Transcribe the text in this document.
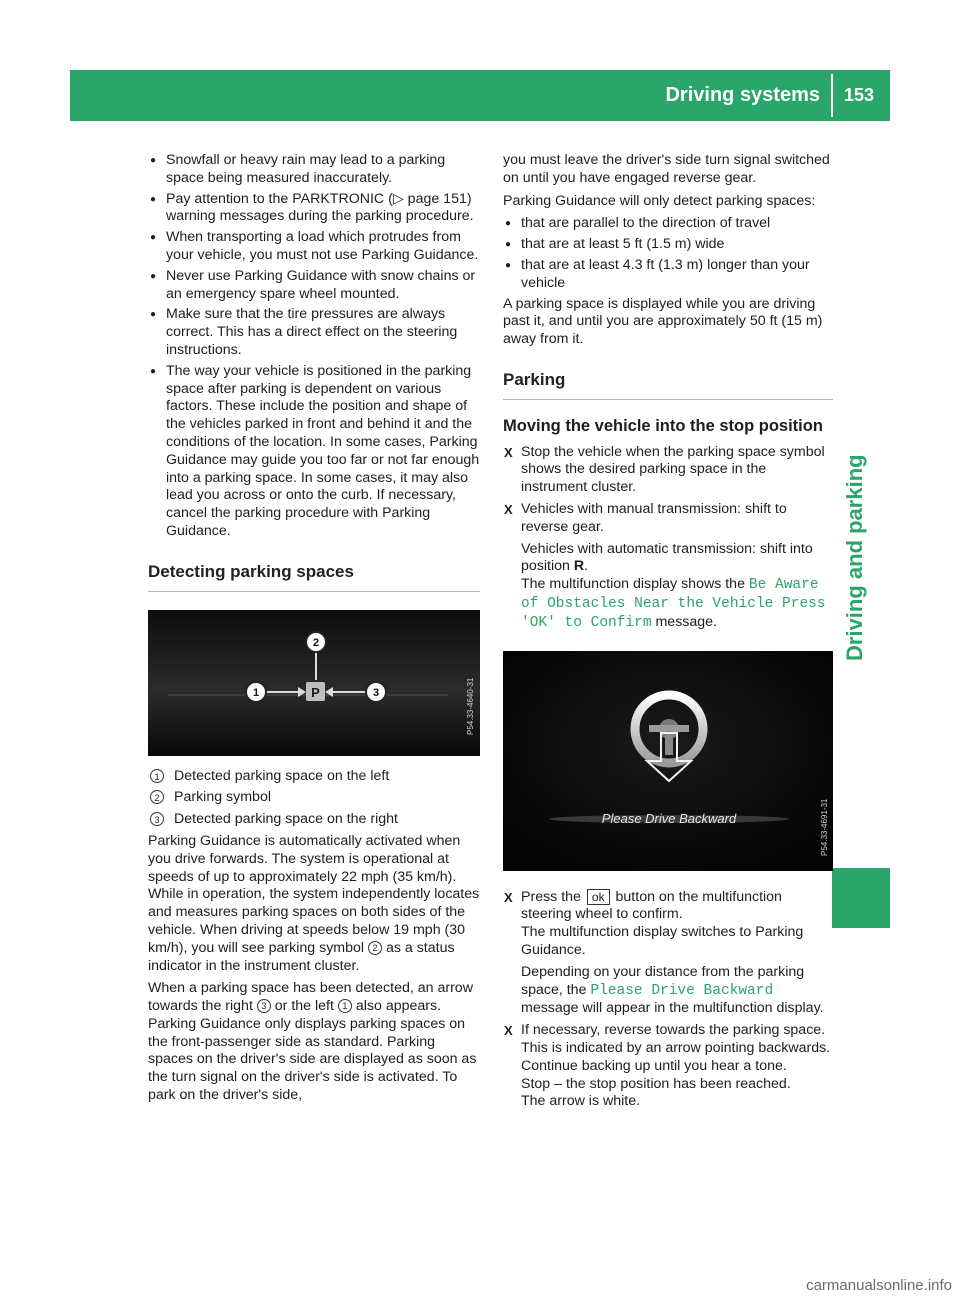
Driving systems 153
Driving and parking
● Snowfall or heavy rain may lead to a parking space being measured inaccurately.
● Pay attention to the PARKTRONIC (▷ page 151) warning messages during the parking procedure.
● When transporting a load which protrudes from your vehicle, you must not use Parking Guidance.
● Never use Parking Guidance with snow chains or an emergency spare wheel mounted.
● Make sure that the tire pressures are always correct. This has a direct effect on the steering instructions.
● The way your vehicle is positioned in the parking space after parking is dependent on various factors. These include the position and shape of the vehicles parked in front and behind it and the conditions of the location. In some cases, Parking Guidance may guide you too far or not far enough into a parking space. In some cases, it may also lead you across or onto the curb. If necessary, cancel the parking procedure with Parking Guidance.
Detecting parking spaces
2
1	3
P	P54.33-4640-31
1	Detected parking space on the left
2	Parking symbol
3	Detected parking space on the right

Parking Guidance is automatically activated when you drive forwards. The system is operational at speeds of up to approximately 22 mph (35 km/h). While in operation, the system independently locates and measures parking spaces on both sides of the vehicle. When driving at speeds below 19 mph (30 km/h), you will see parking symbol 2 as a status indicator in the instrument cluster.

When a parking space has been detected, an arrow towards the right 3 or the left 1 also appears. Parking Guidance only displays parking spaces on the front-passenger side as standard. Parking spaces on the driver's side are displayed as soon as the turn signal on the driver's side is activated. To park on the driver's side,

you must leave the driver's side turn signal switched on until you have engaged reverse gear.

Parking Guidance will only detect parking spaces:

● that are parallel to the direction of travel
● that are at least 5 ft (1.5 m) wide
● that are at least 4.3 ft (1.3 m) longer than your vehicle

A parking space is displayed while you are driving past it, and until you are approximately 50 ft (15 m) away from it.

Parking
Moving the vehicle into the stop position

X Stop the vehicle when the parking space symbol shows the desired parking space in the instrument cluster.

X Vehicles with manual transmission: shift to reverse gear.

Vehicles with automatic transmission: shift into position R.
The multifunction display shows the Be Aware of Obstacles Near the Vehicle Press 'OK' to Confirm message.

Please Drive Backward	P54.33-4691-31

X Press the ok button on the multifunction steering wheel to confirm.
The multifunction display switches to Parking Guidance.

Depending on your distance from the parking space, the Please Drive Backward message will appear in the multifunction display.

X If necessary, reverse towards the parking space. This is indicated by an arrow pointing backwards.
Continue backing up until you hear a tone.
Stop – the stop position has been reached.
The arrow is white.

carmanualsonline.info
